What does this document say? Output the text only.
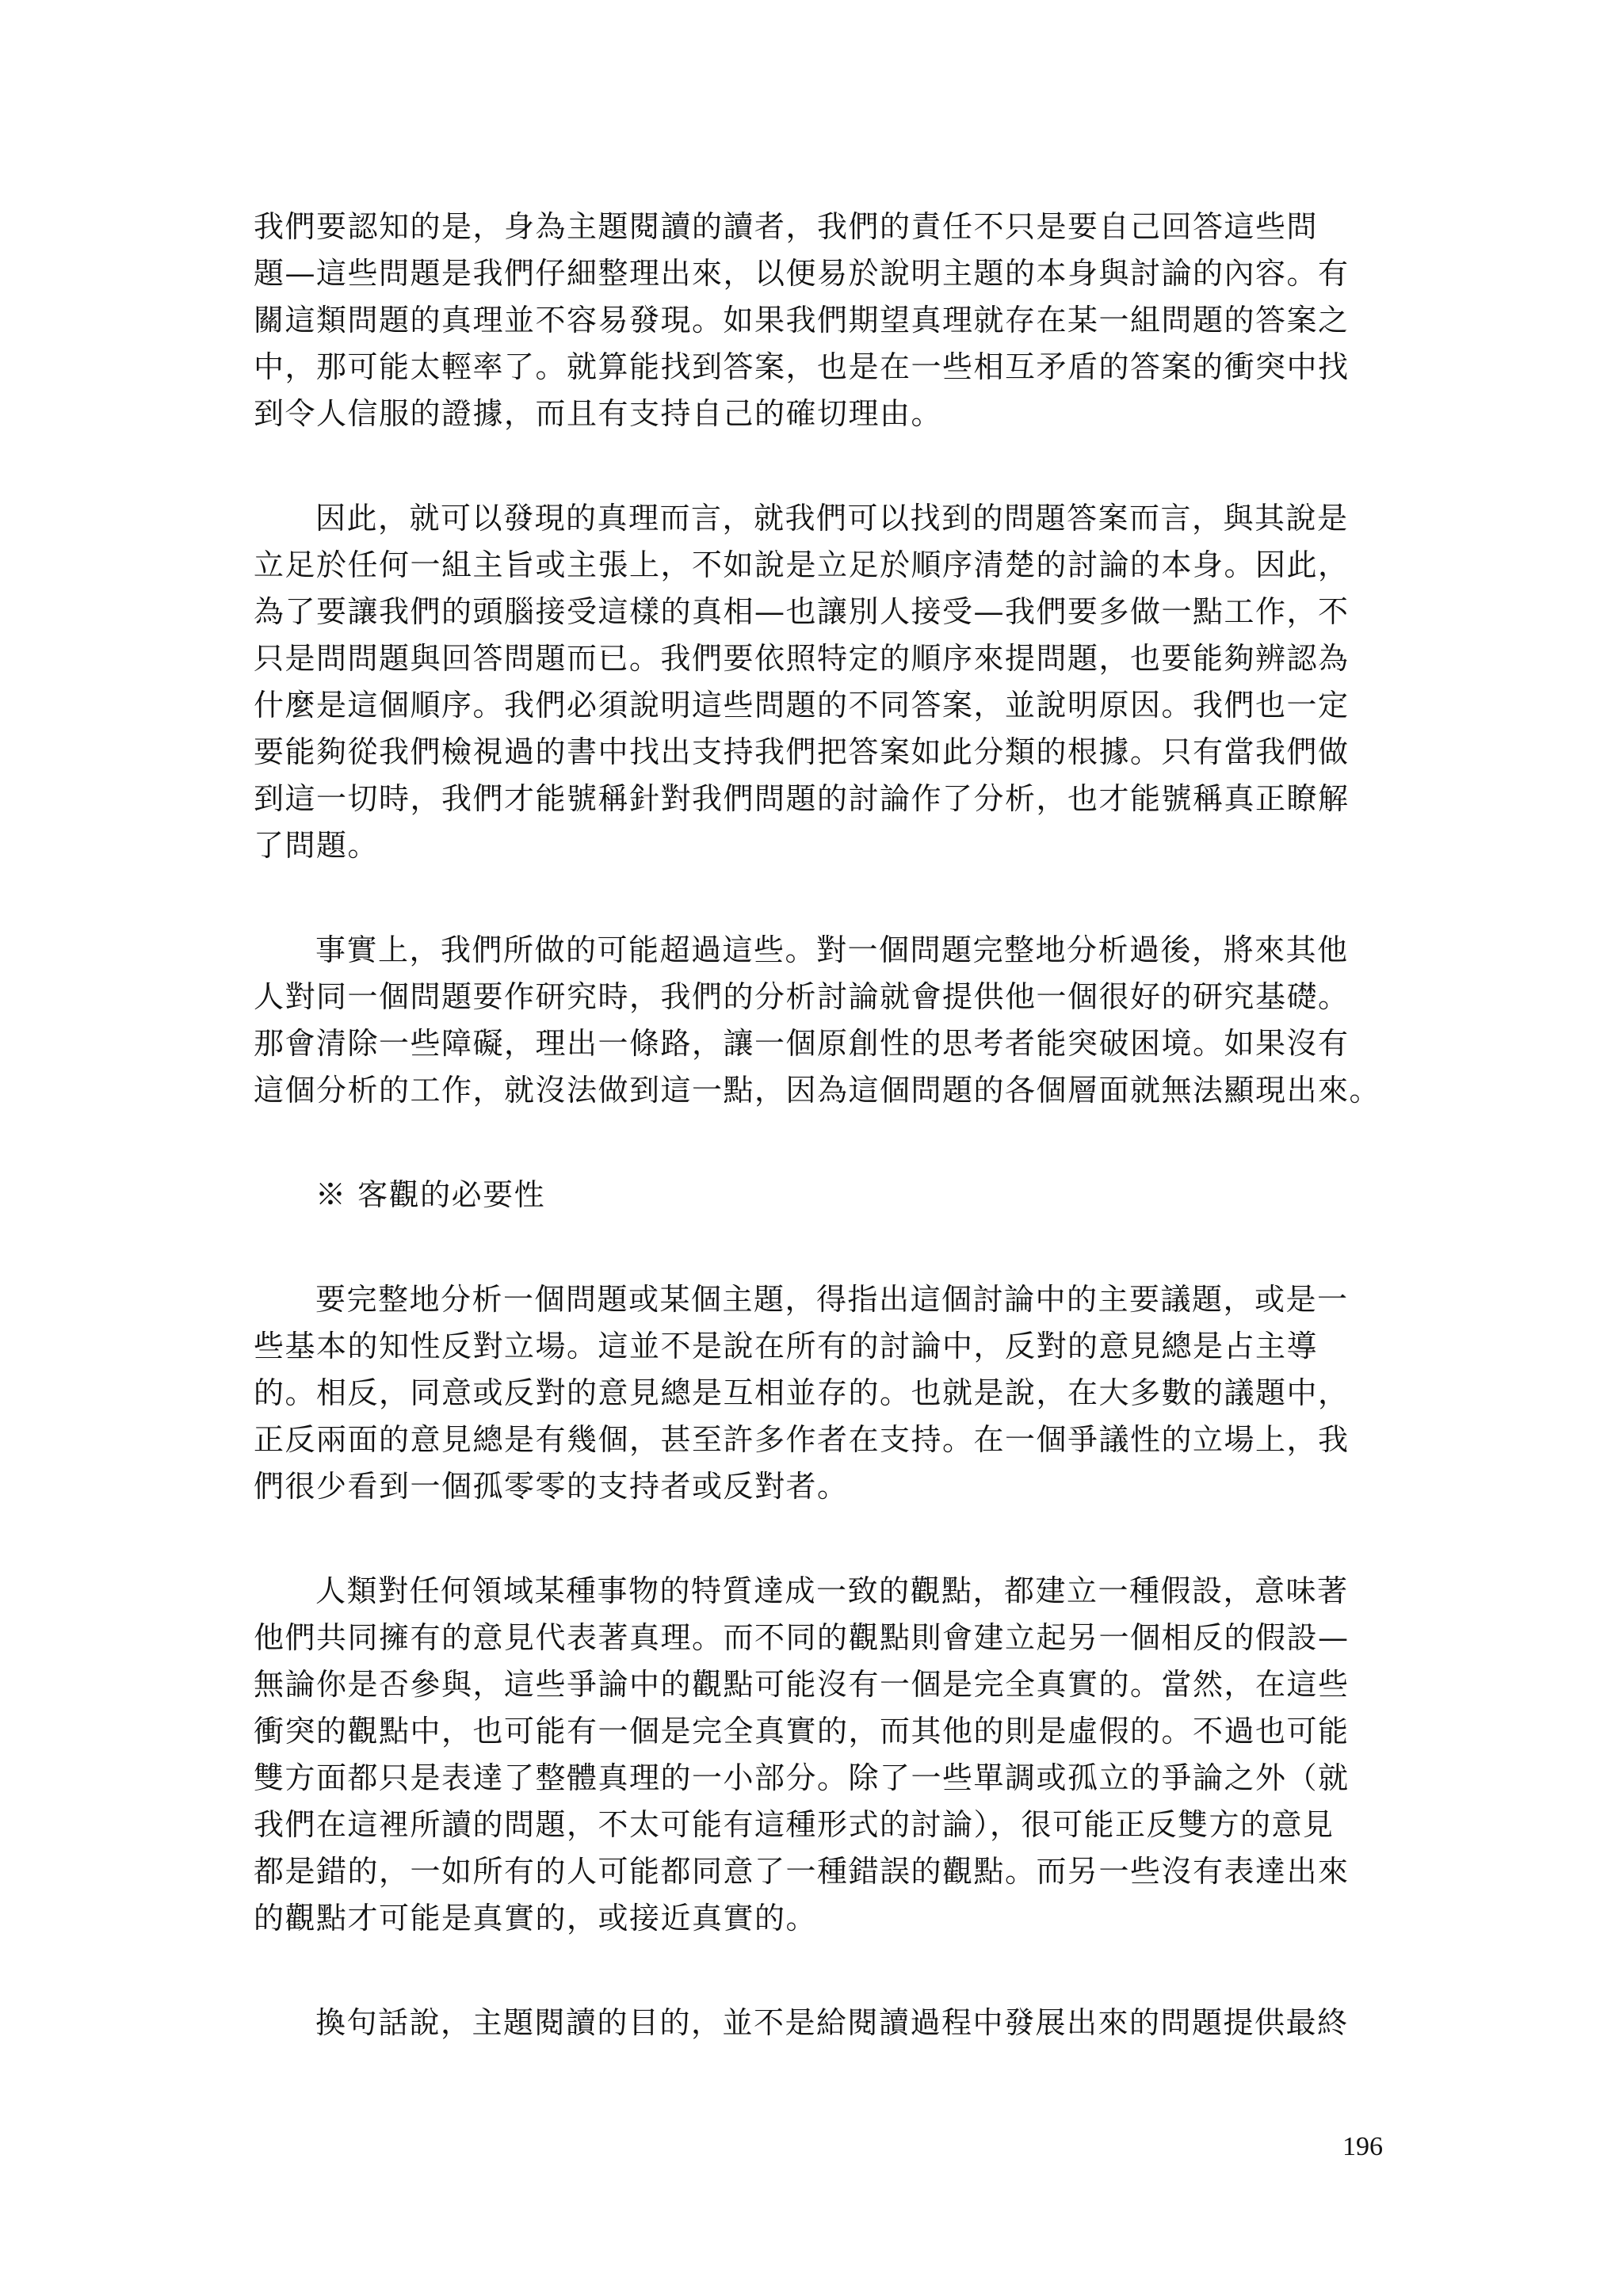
我們要認知的是，身為主題閱讀的讀者，我們的責任不只是要自己回答這些問
題—這些問題是我們仔細整理出來，以便易於說明主題的本身與討論的內容。有
關這類問題的真理並不容易發現。如果我們期望真理就存在某一組問題的答案之
中，那可能太輕率了。就算能找到答案，也是在一些相互矛盾的答案的衝突中找
到令人信服的證據，而且有支持自己的確切理由。
因此，就可以發現的真理而言，就我們可以找到的問題答案而言，與其說是
立足於任何一組主旨或主張上，不如說是立足於順序清楚的討論的本身。因此，
為了要讓我們的頭腦接受這樣的真相—也讓別人接受—我們要多做一點工作，不
只是問問題與回答問題而已。我們要依照特定的順序來提問題，也要能夠辨認為
什麼是這個順序。我們必須說明這些問題的不同答案，並說明原因。我們也一定
要能夠從我們檢視過的書中找出支持我們把答案如此分類的根據。只有當我們做
到這一切時，我們才能號稱針對我們問題的討論作了分析，也才能號稱真正瞭解
了問題。
事實上，我們所做的可能超過這些。對一個問題完整地分析過後，將來其他
人對同一個問題要作研究時，我們的分析討論就會提供他一個很好的研究基礎。
那會清除一些障礙，理出一條路，讓一個原創性的思考者能突破困境。如果沒有
這個分析的工作，就沒法做到這一點，因為這個問題的各個層面就無法顯現出來。
※ 客觀的必要性
要完整地分析一個問題或某個主題，得指出這個討論中的主要議題，或是一
些基本的知性反對立場。這並不是說在所有的討論中，反對的意見總是占主導
的。相反，同意或反對的意見總是互相並存的。也就是說，在大多數的議題中，
正反兩面的意見總是有幾個，甚至許多作者在支持。在一個爭議性的立場上，我
們很少看到一個孤零零的支持者或反對者。
人類對任何領域某種事物的特質達成一致的觀點，都建立一種假設，意味著
他們共同擁有的意見代表著真理。而不同的觀點則會建立起另一個相反的假設—
無論你是否參與，這些爭論中的觀點可能沒有一個是完全真實的。當然，在這些
衝突的觀點中，也可能有一個是完全真實的，而其他的則是虛假的。不過也可能
雙方面都只是表達了整體真理的一小部分。除了一些單調或孤立的爭論之外（就
我們在這裡所讀的問題，不太可能有這種形式的討論），很可能正反雙方的意見
都是錯的，一如所有的人可能都同意了一種錯誤的觀點。而另一些沒有表達出來
的觀點才可能是真實的，或接近真實的。
換句話說，主題閱讀的目的，並不是給閱讀過程中發展出來的問題提供最終
196
